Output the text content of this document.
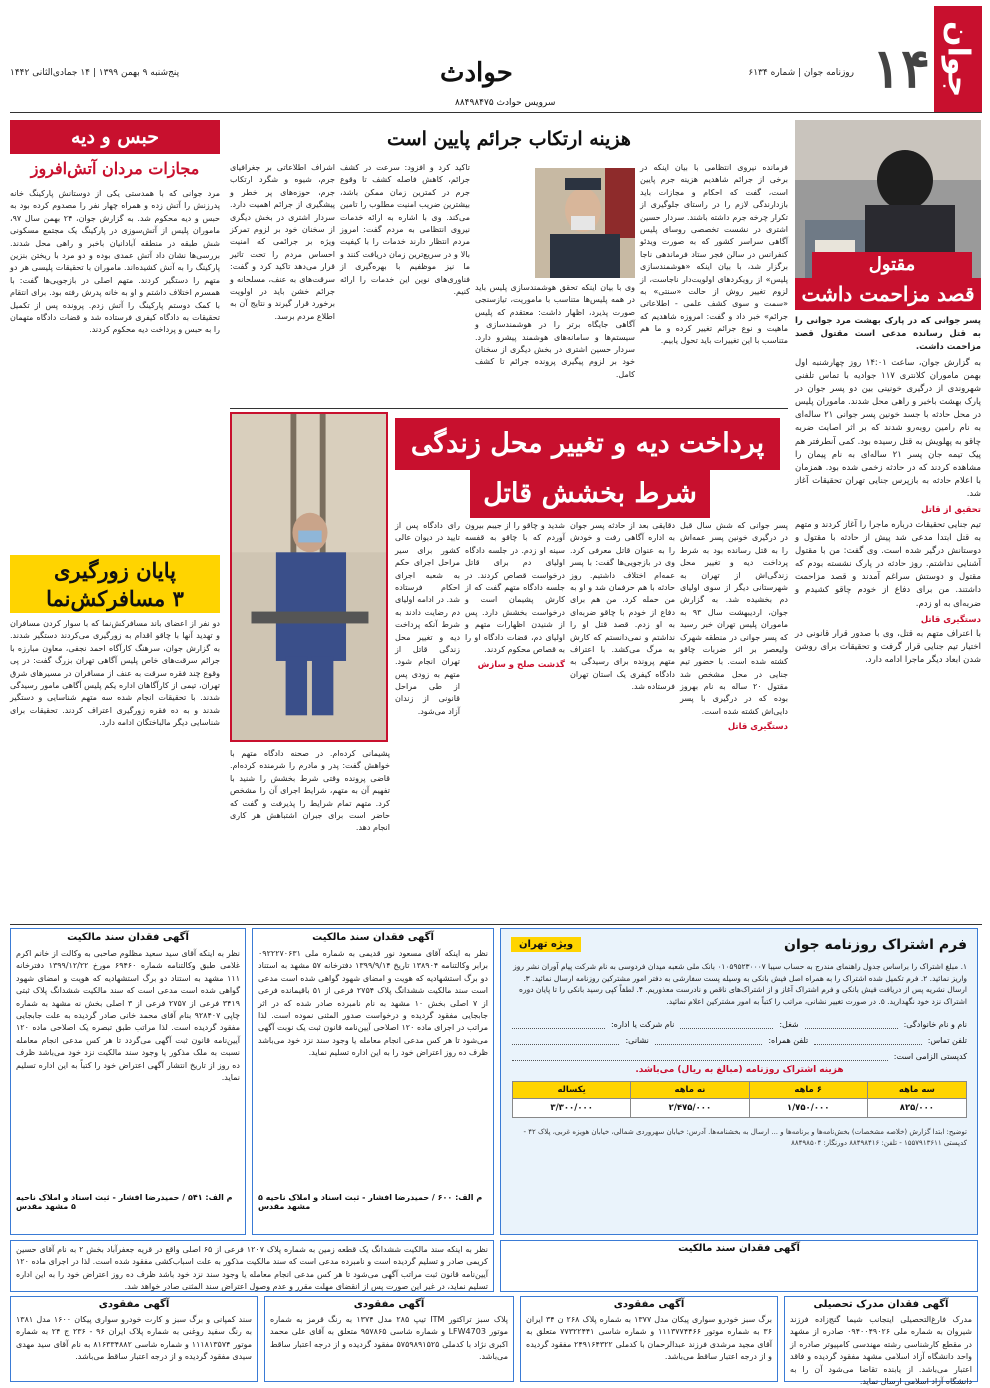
جوان
۱۴
روزنامه جوان | شماره ۶۱۳۴
پنج‌شنبه ۹ بهمن ۱۳۹۹ | ۱۴ جمادی‌الثانی ۱۴۴۲	حوادث
سرویس حوادث ۸۸۴۹۸۴۷۵
مقتول
قصد مزاحمت داشت

پسر جوانی که در پارک بهشت مرد جوانی را به قتل رسانده مدعی است مقتول قصد مزاحمت داشت.

به گزارش جوان، ساعت ۱۴:۰۱ روز چهارشنبه اول بهمن ماموران کلانتری ۱۱۷ جوادیه با تماس تلفنی شهروندی از درگیری خونینی بین دو پسر جوان در پارک بهشت باخبر و راهی محل شدند. ماموران پلیس در محل حادثه با جسد خونین پسر جوانی ۲۱ ساله‌ای به نام رامین روبه‌رو شدند که بر اثر اصابت ضربه چاقو به پهلویش به قتل رسیده بود. کمی آنطرفتر هم پیک تیمه جان پسر ۲۱ ساله‌ای به نام پیمان را مشاهده کردند که در حادثه زخمی شده بود. همزمان با اعلام حادثه به بازپرس جنایی تهران تحقیقات آغاز شد.

تحقیق از قاتل

تیم جنایی تحقیقات درباره ماجرا را آغاز کردند و متهم به قتل ابتدا مدعی شد پیش از حادثه با مقتول و دوستانش درگیر شده است. وی گفت: من با مقتول آشنایی نداشتم. روز حادثه در پارک نشسته بودم که مقتول و دوستش سراغم آمدند و قصد مزاحمت داشتند. من برای دفاع از خودم چاقو کشیدم و ضربه‌ای به او زدم.

دستگیری قاتل

با اعتراف متهم به قتل، وی با صدور قرار قانونی در اختیار تیم جنایی قرار گرفت و تحقیقات برای روشن شدن ابعاد دیگر ماجرا ادامه دارد.

هزینه ارتکاب جرائم پایین است
فرمانده نیروی انتظامی با بیان اینکه در برخی از جرائم شاهدیم هزینه جرم پایین است، گفت که احکام و مجازات باید بازدارندگی لازم را در راستای جلوگیری از تکرار چرخه جرم داشته باشند. سردار حسین اشتری در نشست تخصصی روسای پلیس آگاهی سراسر کشور که به صورت ویدئو کنفرانس در سالن فجر ستاد فرماندهی ناجا برگزار شد، با بیان اینکه «هوشمندسازی پلیس» از رویکردهای اولویت‌دار ناجاست، از لزوم تغییر روش از حالت «سنتی» به «سمت و سوی کشف علمی - اطلاعاتی جرائم» خبر داد و گفت: امروزه شاهدیم که ماهیت و نوع جرائم تغییر کرده و ما هم متناسب با این تغییرات باید تحول یابیم.
وی با بیان اینکه تحقق هوشمندسازی پلیس باید در همه پلیس‌ها متناسب با ماموریت، تیازسنجی صورت پذیرد، اظهار داشت: معتقدم که پلیس آگاهی جایگاه برتر را در هوشمندسازی و سیستم‌ها و سامانه‌های هوشمند پیشرو دارد. سردار حسین اشتری در بخش دیگری از سخنان خود بر لزوم پیگیری پرونده جرائم تا کشف کامل.
تاکید کرد و افزود: سرعت در کشف جرائم، کاهش فاصله کشف تا وقوع جرم در کمترین زمان ممکن باشد، بیشترین ضریب امنیت مطلوب را تامین می‌کند. وی با اشاره به ارائه خدمات نیروی انتظامی به مردم گفت: امروز مردم انتظار دارند خدمات را با کیفیت بالا و در سریع‌ترین زمان دریافت کنند و ما نیز موظفیم با بهره‌گیری از فناوری‌های نوین این خدمات را ارائه کنیم.
اشراف اطلاعاتی بر جغرافیای جرم، شیوه و شگرد ارتکاب جرم، حوزه‌های پر خطر و پیشگیری از جرائم اهمیت دارد. سردار اشتری در بخش دیگری از سخنان خود بر لزوم تمرکز ویژه بر جرائمی که امنیت احساس مردم را تحت تاثیر قرار می‌دهد تاکید کرد و گفت: سرقت‌های به عنف، مسلحانه و جرائم خشن باید در اولویت برخورد قرار گیرند و نتایج آن به اطلاع مردم برسد.
پرداخت دیه و تغییر محل زندگی
شرط بخشش قاتل

پسر جوانی که شش سال قبل در درگیری خونین پسر عمه‌اش را به قتل رسانده بود به شرط پرداخت دیه و تغییر محل زندگی‌اش از تهران به شهرستانی دیگر از سوی اولیای دم بخشیده شد. به گزارش جوان، اردیبهشت سال ۹۳ به ماموران پلیس تهران خبر رسید که پسر جوانی در منطقه شهرک ولیعصر بر اثر ضربات چاقو کشته شده است. با حضور تیم جنایی در محل مشخص شد مقتول ۲۰ ساله به نام بهروز بوده که در درگیری با پسر دایی‌اش کشته شده است.

دستگیری قاتل
دقایقی بعد از حادثه پسر جوان به اداره آگاهی رفت و خودش را به عنوان قاتل معرفی کرد. وی در بازجویی‌ها گفت: با پسر عمه‌ام اختلاف داشتیم. روز حادثه با هم حرفمان شد و او به من حمله کرد. من هم برای دفاع از خودم با چاقو ضربه‌ای به او زدم. قصد قتل او را نداشتم و نمی‌دانستم که کارش به مرگ می‌کشد. با اعتراف متهم پرونده برای رسیدگی به دادگاه کیفری یک استان تهران فرستاده شد.

شدید و چاقو را از جیبم بیرون آوردم که با چاقو به قفسه سینه او زدم. در جلسه دادگاه اولیای دم برای قاتل درخواست قصاص کردند. در جلسه دادگاه متهم گفت که از کارش پشیمان است و درخواست بخشش دارد. پس از شنیدن اظهارات متهم و اولیای دم، قضات دادگاه او را به قصاص محکوم کردند.

گذشت صلح و سازش
رای دادگاه پس از تایید در دیوان عالی کشور برای سیر مراحل اجرای حکم به شعبه اجرای احکام فرستاده شد. در ادامه اولیای دم رضایت دادند به شرط آنکه پرداخت دیه و تغییر محل زندگی قاتل از تهران انجام شود. متهم به زودی پس از طی مراحل قانونی از زندان آزاد می‌شود.
پشیمانی کرده‌ام. در صحنه دادگاه متهم با خواهش گفت: پدر و مادرم را شرمنده کرده‌ام. قاضی پرونده وقتی شرط بخشش را شنید با تفهیم آن به متهم، شرایط اجرای آن را مشخص کرد. متهم تمام شرایط را پذیرفت و گفت که حاضر است برای جبران اشتباهش هر کاری انجام دهد.
حبس و دیه
مجازات مردان آتش‌افروز
مرد جوانی که با همدستی یکی از دوستانش پارکینگ خانه پدرزنش را آتش زده و همراه چهار نفر را مصدوم کرده بود به حبس و دیه محکوم شد. به گزارش جوان، ۲۴ بهمن سال ۹۷، ماموران پلیس از آتش‌سوزی در پارکینگ یک مجتمع مسکونی شش طبقه در منطقه آبادانیان باخبر و راهی محل شدند. بررسی‌ها نشان داد آتش عمدی بوده و دو مرد با ریختن بنزین پارکینگ را به آتش کشیده‌اند. ماموران با تحقیقات پلیسی هر دو متهم را دستگیر کردند. متهم اصلی در بازجویی‌ها گفت: با همسرم اختلاف داشتم و او به خانه پدرش رفته بود. برای انتقام با کمک دوستم پارکینگ را آتش زدم. پرونده پس از تکمیل تحقیقات به دادگاه کیفری فرستاده شد و قضات دادگاه متهمان را به حبس و پرداخت دیه محکوم کردند.
پایان زورگیری
۳ مسافرکش‌نما
دو نفر از اعضای باند مسافرکش‌نما که با سوار کردن مسافران و تهدید آنها با چاقو اقدام به زورگیری می‌کردند دستگیر شدند. به گزارش جوان، سرهنگ کارآگاه احمد نجفی، معاون مبارزه با جرائم سرقت‌های خاص پلیس آگاهی تهران بزرگ گفت: در پی وقوع چند فقره سرقت به عنف از مسافران در مسیرهای شرق تهران، تیمی از کارآگاهان اداره یکم پلیس آگاهی مامور رسیدگی شدند. با تحقیقات انجام شده سه متهم شناسایی و دستگیر شدند و به ده فقره زورگیری اعتراف کردند. تحقیقات برای شناسایی دیگر مالباختگان ادامه دارد.
آگهی فقدان سند مالکیت
نظر به اینکه آقای سید سعید مظلوم صاحبی به وکالت از خانم اکرم غلامی طبق وکالتنامه شماره ۶۹۴۶۰ مورخ ۱۳۹۹/۱۲/۲۲ دفترخانه ۱۱۱ مشهد به استناد دو برگ استشهادیه که هویت و امضای شهود گواهی شده است مدعی است که سند مالکیت ششدانگ پلاک ثبتی ۳۴۱۹ فرعی از ۲۷۵۷ فرعی از ۳ اصلی بخش نه مشهد به شماره چاپی ۹۲۸۴۰۷ بنام آقای محمد خانی صادر گردیده به علت جابجایی مفقود گردیده است. لذا مراتب طبق تبصره یک اصلاحی ماده ۱۲۰ آیین‌نامه قانون ثبت آگهی می‌گردد تا هر کس مدعی انجام معامله نسبت به ملک مذکور یا وجود سند مالکیت نزد خود می‌باشد ظرف ده روز از تاریخ انتشار آگهی اعتراض خود را کتباً به این اداره تسلیم نماید.
م الف: ۵۴۱ / حمیدرضا افشار - ثبت اسناد و املاک ناحیه ۵ مشهد مقدس
آگهی فقدان سند مالکیت
نظر به اینکه آقای مسعود نور قدیمی به شماره ملی ۰۹۲۲۲۷۰۶۳۱ برابر وکالتنامه ۱۳۸۹۰۴ تاریخ ۱۳۹۹/۹/۱۴ دفترخانه ۵۷ مشهد به استناد دو برگ استشهادیه که هویت و امضای شهود گواهی شده است مدعی است سند مالکیت ششدانگ پلاک ۲۷۵۴ فرعی از ۵۱ باقیمانده فرعی از ۷ اصلی بخش ۱۰ مشهد به نام نامبرده صادر شده که در اثر جابجایی مفقود گردیده و درخواست صدور المثنی نموده است. لذا مراتب در اجرای ماده ۱۲۰ اصلاحی آیین‌نامه قانون ثبت یک نوبت آگهی می‌شود تا هر کس مدعی انجام معامله یا وجود سند نزد خود می‌باشد ظرف ده روز اعتراض خود را به این اداره تسلیم نماید.
م الف: ۶۰۰ / حمیدرضا افشار - ثبت اسناد و املاک ناحیه ۵ مشهد مقدس
فرم اشتراک روزنامه جوان
ویژه تهران
۱. مبلغ اشتراک را براساس جدول راهنمای مندرج به حساب سیبا ۰۱۰۵۹۵۲۳۰۰۰۷ بانک ملی شعبه میدان فردوسی به نام شرکت پیام آوران نشر روز واریز نمائید. ۲. فرم تکمیل شده اشتراک را به همراه اصل فیش بانکی به وسیله پست سفارشی به دفتر امور مشترکین روزنامه ارسال نمائید. ۳. ارسال نشریه پس از دریافت فیش بانکی و فرم اشتراک آغاز و از اشتراک‌های ناقص و نادرست معذوریم. ۴. لطفاً کپی رسید بانکی را تا پایان دوره اشتراک نزد خود نگهدارید. ۵. در صورت تغییر نشانی، مراتب را کتباً به امور مشترکین اعلام نمائید.
نام و نام خانوادگی:
شغل:
نام شرکت یا اداره:
تلفن تماس:
تلفن همراه:
نشانی:
کدپستی الزامی است:
هزینه اشتراک روزنامه (مبالغ به ریال) می‌باشد.
سه ماهه	۶ ماهه	نه ماهه	یکساله
۸۲۵/۰۰۰	۱/۷۵۰/۰۰۰	۲/۴۷۵/۰۰۰	۳/۳۰۰/۰۰۰
توضیح: ابتدا گزارش (خلاصه مشخصات) بخش‌نامه‌ها و برنامه‌ها و ... ارسال به بخشنامه‌ها. آدرس: خیابان سهروردی شمالی، خیابان هویزه غربی، پلاک ۴۲ - کدپستی ۱۵۵۷۹۱۳۶۱۱ - تلفن: ۸۸۴۹۸۴۱۶ دورنگار: ۸۸۴۹۸۵۰۴
آگهی فقدان سند مالکیت
نظر به اینکه سند مالکیت ششدانگ یک قطعه زمین به شماره پلاک ۱۲۰۷ فرعی از ۶۵ اصلی واقع در قریه جعفرآباد بخش ۲ به نام آقای حسین کریمی صادر و تسلیم گردیده است و نامبرده مدعی است که سند مالکیت مذکور به علت اسباب‌کشی مفقود شده است. لذا در اجرای ماده ۱۲۰ آیین‌نامه قانون ثبت مراتب آگهی می‌شود تا هر کس مدعی انجام معامله یا وجود سند نزد خود باشد ظرف ده روز اعتراض خود را به این اداره تسلیم نماید، در غیر این صورت پس از انقضای مهلت مقرر و عدم وصول اعتراض سند المثنی صادر خواهد شد.
آگهی فقدان مدرک تحصیلی
مدرک فارغ‌التحصیلی اینجانب شیما گنج‌زاده فرزند شیروان به شماره ملی ۰۹۴۰۰۴۹۰۲۶ صادره از مشهد در مقطع کارشناسی رشته مهندسی کامپیوتر صادره از واحد دانشگاه آزاد اسلامی مشهد مفقود گردیده و فاقد اعتبار می‌باشد. از یابنده تقاضا می‌شود آن را به دانشگاه آزاد اسلامی ارسال نماید.
آگهی مفقودی
برگ سبز خودرو سواری پیکان مدل ۱۳۷۷ به شماره پلاک ۲۶۸ ن ۳۴ ایران ۳۶ به شماره موتور ۱۱۱۳۷۷۴۴۶۶ و شماره شاسی ۷۷۳۲۲۴۴۱ متعلق به آقای مجید مرشدی فرزند عبدالرحمان با کدملی ۲۴۹۱۶۴۳۲۲ مفقود گردیده و از درجه اعتبار ساقط می‌باشد.
آگهی مفقودی
پلاک سبز تراکتور ITM تیپ ۲۸۵ مدل ۱۳۷۴ به رنگ قرمز به شماره موتور LFW4703 و شماره شاسی ۹۵۷۸۶۵ متعلق به آقای علی محمد اکبری نژاد با کدملی ۵۷۵۹۸۹۱۵۲۵ مفقود گردیده و از درجه اعتبار ساقط می‌باشد.
آگهی مفقودی
سند کمپانی و برگ سبز و کارت خودرو سواری پیکان ۱۶۰۰ مدل ۱۳۸۱ به رنگ سفید روغنی به شماره پلاک ایران ۹۶ - ۲۳۶ ج ۲۴ به شماره موتور ۱۱۱۸۱۳۵۷۴ و شماره شاسی ۸۱۶۳۳۴۸۸۲ به نام آقای سید مهدی سیدی مفقود گردیده و از درجه اعتبار ساقط می‌باشد.
